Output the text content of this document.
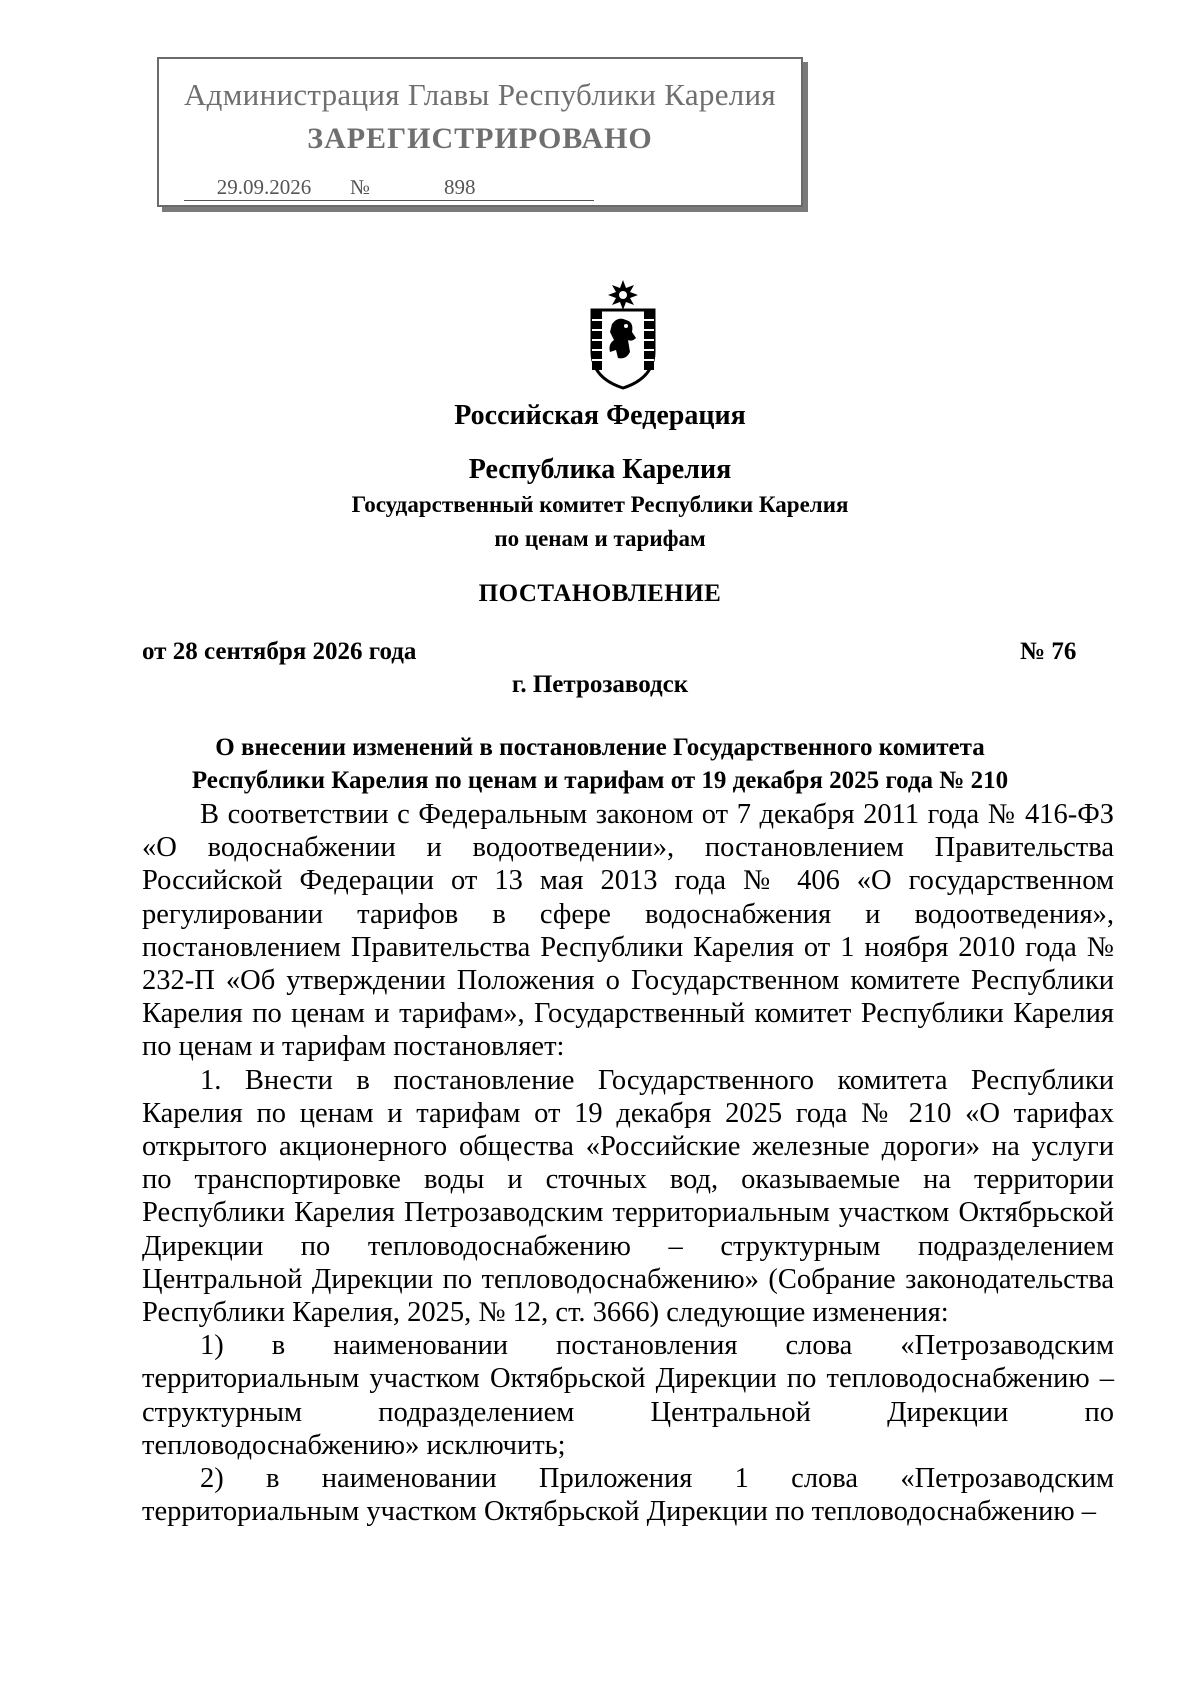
Администрация Главы Республики Карелия
ЗАРЕГИСТРИРОВАНО
29.09.2026 №	898
Российская Федерация
Республика Карелия
Государственный комитет Республики Карелия
по ценам и тарифам
ПОСТАНОВЛЕНИЕ
от 28 сентября 2026 года	№ 76
г. Петрозаводск
О внесении изменений в постановление Государственного комитета
Республики Карелия по ценам и тарифам от 19 декабря 2025 года № 210

В соответствии с Федеральным законом от 7 декабря 2011 года № 416-ФЗ «О водоснабжении и водоотведении», постановлением Правительства Российской Федерации от 13 мая 2013 года № 406 «О государственном регулировании тарифов в сфере водоснабжения и водоотведения», постановлением Правительства Республики Карелия от 1 ноября 2010 года № 232-П «Об утверждении Положения о Государственном комитете Республики Карелия по ценам и тарифам», Государственный комитет Республики Карелия по ценам и тарифам постановляет:

1. Внести в постановление Государственного комитета Республики Карелия по ценам и тарифам от 19 декабря 2025 года № 210 «О тарифах открытого акционерного общества «Российские железные дороги» на услуги по транспортировке воды и сточных вод, оказываемые на территории Республики Карелия Петрозаводским территориальным участком Октябрьской Дирекции по тепловодоснабжению – структурным подразделением Центральной Дирекции по тепловодоснабжению» (Собрание законодательства Республики Карелия, 2025, № 12, ст. 3666) следующие изменения:

1) в наименовании постановления слова «Петрозаводским территориальным участком Октябрьской Дирекции по тепловодоснабжению – структурным подразделением Центральной Дирекции по тепловодоснабжению» исключить;

2) в наименовании Приложения 1 слова «Петрозаводским территориальным участком Октябрьской Дирекции по тепловодоснабжению –
